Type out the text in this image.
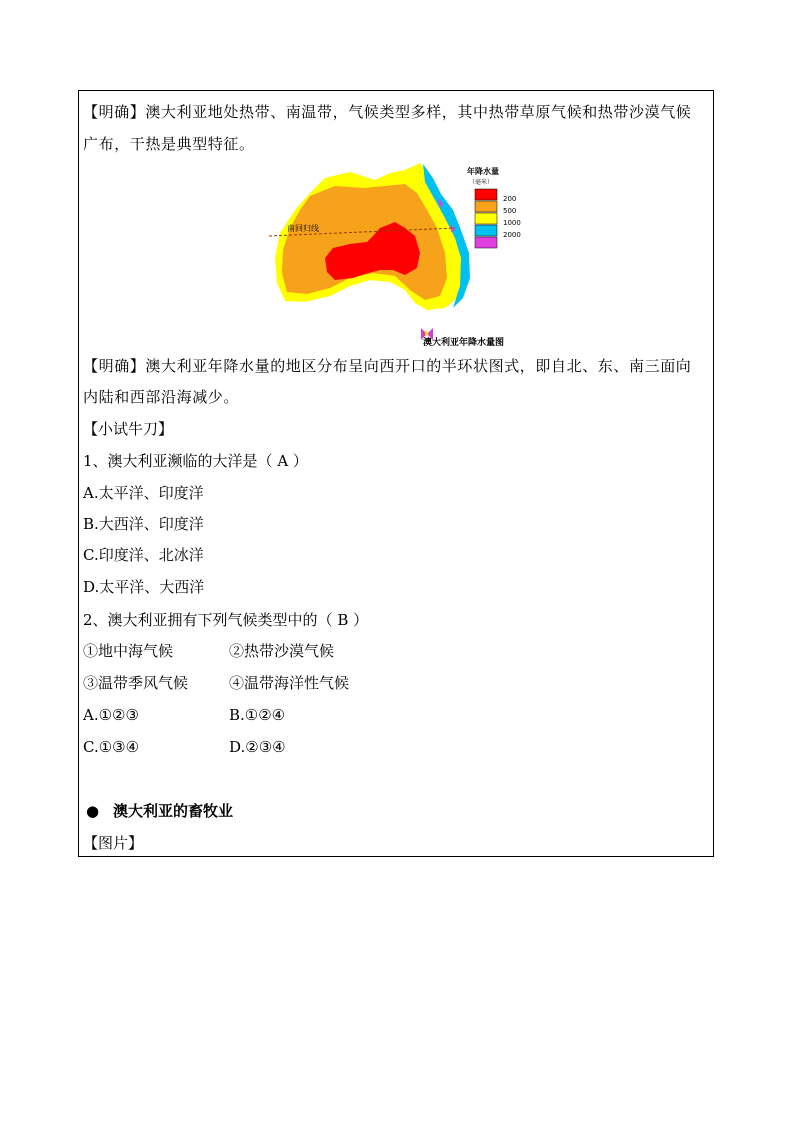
【明确】澳大利亚地处热带、南温带，气候类型多样，其中热带草原气候和热带沙漠气候
广布，干热是典型特征。
南回归线
年降水量
（毫米）
200
500
1000
2000
澳大利亚年降水量图
【明确】澳大利亚年降水量的地区分布呈向西开口的半环状图式，即自北、东、南三面向
内陆和西部沿海减少。
【小试牛刀】
1、澳大利亚濒临的大洋是（ A ）
A.太平洋、印度洋
B.大西洋、印度洋
C.印度洋、北冰洋
D.太平洋、大西洋
2、澳大利亚拥有下列气候类型中的（ B ）
①地中海气候	②热带沙漠气候
③温带季风气候	④温带海洋性气候
A.①②③	B.①②④
C.①③④	D.②③④
● 澳大利亚的畜牧业
【图片】
